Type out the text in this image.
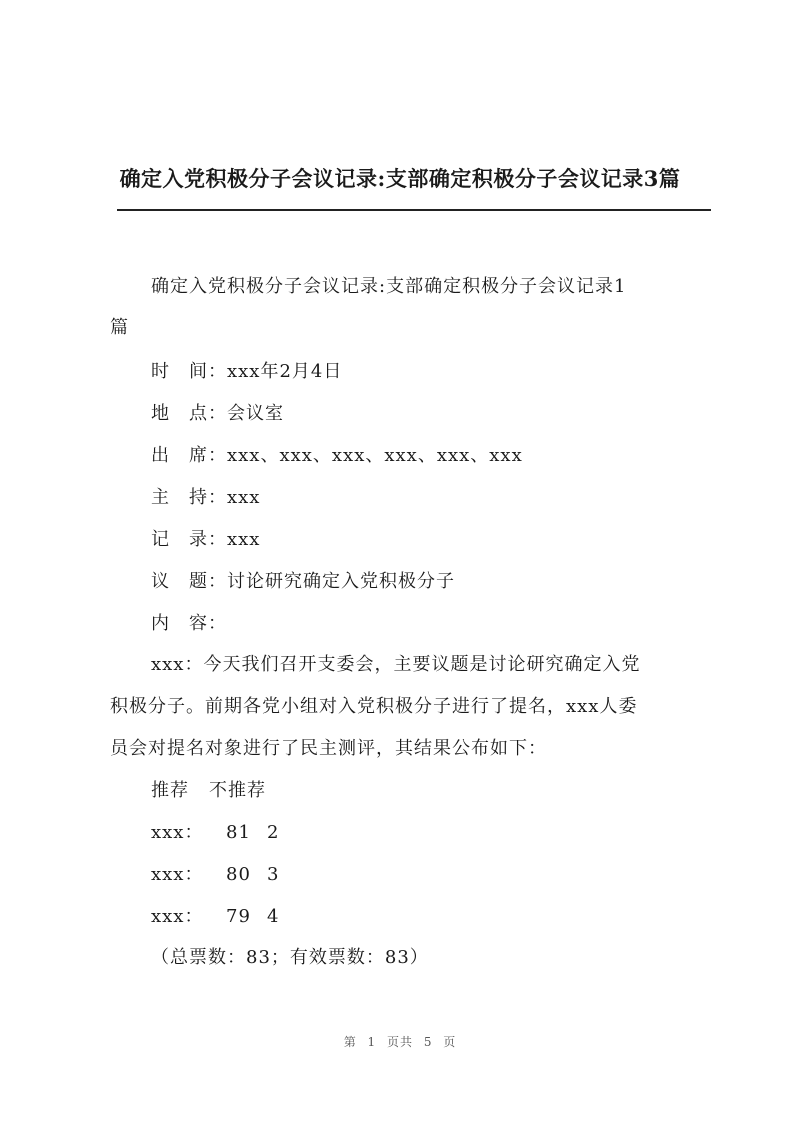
确定入党积极分子会议记录:支部确定积极分子会议记录3篇
确定入党积极分子会议记录:支部确定积极分子会议记录1
篇
时　间：xxx年2月4日
地　点：会议室
出　席：xxx、xxx、xxx、xxx、xxx、xxx
主　持：xxx
记　录：xxx
议　题：讨论研究确定入党积极分子
内　容：
xxx：今天我们召开支委会，主要议题是讨论研究确定入党
积极分子。前期各党小组对入党积极分子进行了提名，xxx人委
员会对提名对象进行了民主测评，其结果公布如下：
推荐 不推荐
xxx： 81 2
xxx： 80 3
xxx： 79 4
（总票数：83；有效票数：83）
第 1 页共 5 页
